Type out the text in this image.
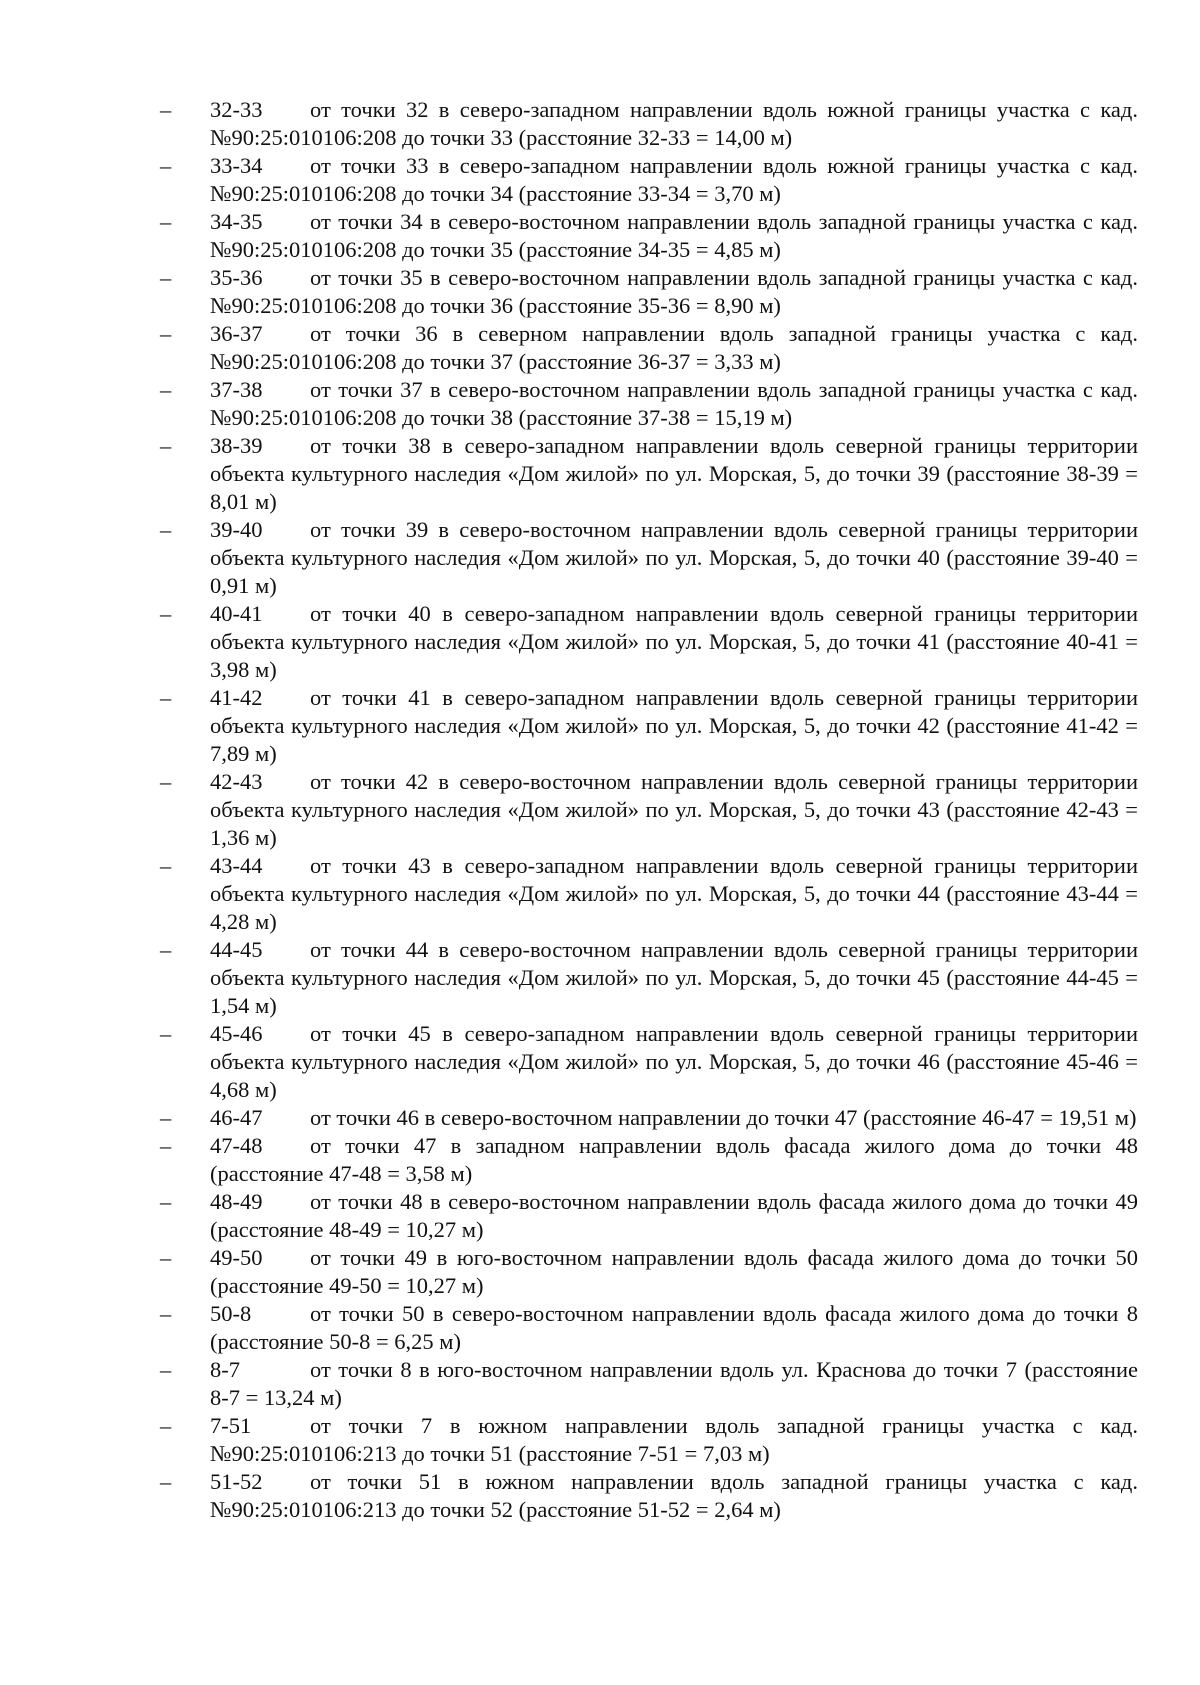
–	32-33 от точки 32 в северо-западном направлении вдоль южной границы участка с кад. №90:25:010106:208 до точки 33 (расстояние 32-33 = 14,00 м)
–	33-34 от точки 33 в северо-западном направлении вдоль южной границы участка с кад. №90:25:010106:208 до точки 34 (расстояние 33-34 = 3,70 м)
–	34-35 от точки 34 в северо-восточном направлении вдоль западной границы участка с кад. №90:25:010106:208 до точки 35 (расстояние 34-35 = 4,85 м)
–	35-36 от точки 35 в северо-восточном направлении вдоль западной границы участка с кад. №90:25:010106:208 до точки 36 (расстояние 35-36 = 8,90 м)
–	36-37 от точки 36 в северном направлении вдоль западной границы участка с кад. №90:25:010106:208 до точки 37 (расстояние 36-37 = 3,33 м)
–	37-38 от точки 37 в северо-восточном направлении вдоль западной границы участка с кад. №90:25:010106:208 до точки 38 (расстояние 37-38 = 15,19 м)
–	38-39 от точки 38 в северо-западном направлении вдоль северной границы территории объекта культурного наследия «Дом жилой» по ул. Морская, 5, до точки 39 (расстояние 38-39 = 8,01 м)
–	39-40 от точки 39 в северо-восточном направлении вдоль северной границы территории объекта культурного наследия «Дом жилой» по ул. Морская, 5, до точки 40 (расстояние 39-40 = 0,91 м)
–	40-41 от точки 40 в северо-западном направлении вдоль северной границы территории объекта культурного наследия «Дом жилой» по ул. Морская, 5, до точки 41 (расстояние 40-41 = 3,98 м)
–	41-42 от точки 41 в северо-западном направлении вдоль северной границы территории объекта культурного наследия «Дом жилой» по ул. Морская, 5, до точки 42 (расстояние 41-42 = 7,89 м)
–	42-43 от точки 42 в северо-восточном направлении вдоль северной границы территории объекта культурного наследия «Дом жилой» по ул. Морская, 5, до точки 43 (расстояние 42-43 = 1,36 м)
–	43-44 от точки 43 в северо-западном направлении вдоль северной границы территории объекта культурного наследия «Дом жилой» по ул. Морская, 5, до точки 44 (расстояние 43-44 = 4,28 м)
–	44-45 от точки 44 в северо-восточном направлении вдоль северной границы территории объекта культурного наследия «Дом жилой» по ул. Морская, 5, до точки 45 (расстояние 44-45 = 1,54 м)
–	45-46 от точки 45 в северо-западном направлении вдоль северной границы территории объекта культурного наследия «Дом жилой» по ул. Морская, 5, до точки 46 (расстояние 45-46 = 4,68 м)
–	46-47 от точки 46 в северо-восточном направлении до точки 47 (расстояние 46-47 = 19,51 м)
–	47-48 от точки 47 в западном направлении вдоль фасада жилого дома до точки 48 (расстояние 47-48 = 3,58 м)
–	48-49 от точки 48 в северо-восточном направлении вдоль фасада жилого дома до точки 49 (расстояние 48-49 = 10,27 м)
–	49-50 от точки 49 в юго-восточном направлении вдоль фасада жилого дома до точки 50 (расстояние 49-50 = 10,27 м)
–	50-8	от точки 50 в северо-восточном направлении вдоль фасада жилого дома до точки 8 (расстояние 50-8 = 6,25 м)
–	8-7	от точки 8 в юго-восточном направлении вдоль ул. Краснова до точки 7 (расстояние 8-7 = 13,24 м)
–	7-51	от точки 7 в южном направлении вдоль западной границы участка с кад. №90:25:010106:213 до точки 51 (расстояние 7-51 = 7,03 м)
–	51-52 от точки 51 в южном направлении вдоль западной границы участка с кад. №90:25:010106:213 до точки 52 (расстояние 51-52 = 2,64 м)
